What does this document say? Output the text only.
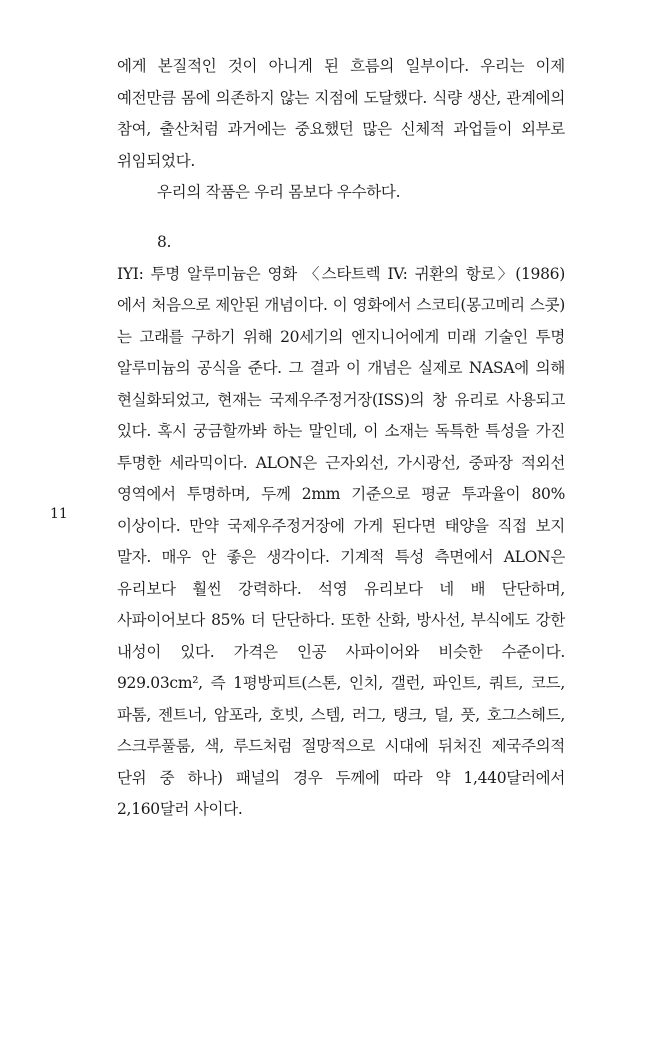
에게 본질적인 것이 아니게 된 흐름의 일부이다. 우리는 이제 예전만큼 몸에 의존하지 않는 지점에 도달했다. 식량 생산, 관계에의 참여, 출산처럼 과거에는 중요했던 많은 신체적 과업들이 외부로 위임되었다.

우리의 작품은 우리 몸보다 우수하다.

8.

IYI: 투명 알루미늄은 영화 〈스타트렉 IV: 귀환의 항로〉(1986)에서 처음으로 제안된 개념이다. 이 영화에서 스코티(몽고메리 스콧)는 고래를 구하기 위해 20세기의 엔지니어에게 미래 기술인 투명 알루미늄의 공식을 준다. 그 결과 이 개념은 실제로 NASA에 의해 현실화되었고, 현재는 국제우주정거장(ISS)의 창 유리로 사용되고 있다. 혹시 궁금할까봐 하는 말인데, 이 소재는 독특한 특성을 가진 투명한 세라믹이다. ALON은 근자외선, 가시광선, 중파장 적외선 영역에서 투명하며, 두께 2mm 기준으로 평균 투과율이 80% 이상이다. 만약 국제우주정거장에 가게 된다면 태양을 직접 보지 말자. 매우 안 좋은 생각이다. 기계적 특성 측면에서 ALON은 유리보다 훨씬 강력하다. 석영 유리보다 네 배 단단하며, 사파이어보다 85% 더 단단하다. 또한 산화, 방사선, 부식에도 강한 내성이 있다. 가격은 인공 사파이어와 비슷한 수준이다. 929.03cm², 즉 1평방피트(스톤, 인치, 갤런, 파인트, 쿼트, 코드, 파톰, 젠트너, 암포라, 호빗, 스템, 러그, 탱크, 덜, 풋, 호그스헤드, 스크루풀룸, 색, 루드처럼 절망적으로 시대에 뒤처진 제국주의적 단위 중 하나) 패널의 경우 두께에 따라 약 1,440달러에서 2,160달러 사이다.

11
